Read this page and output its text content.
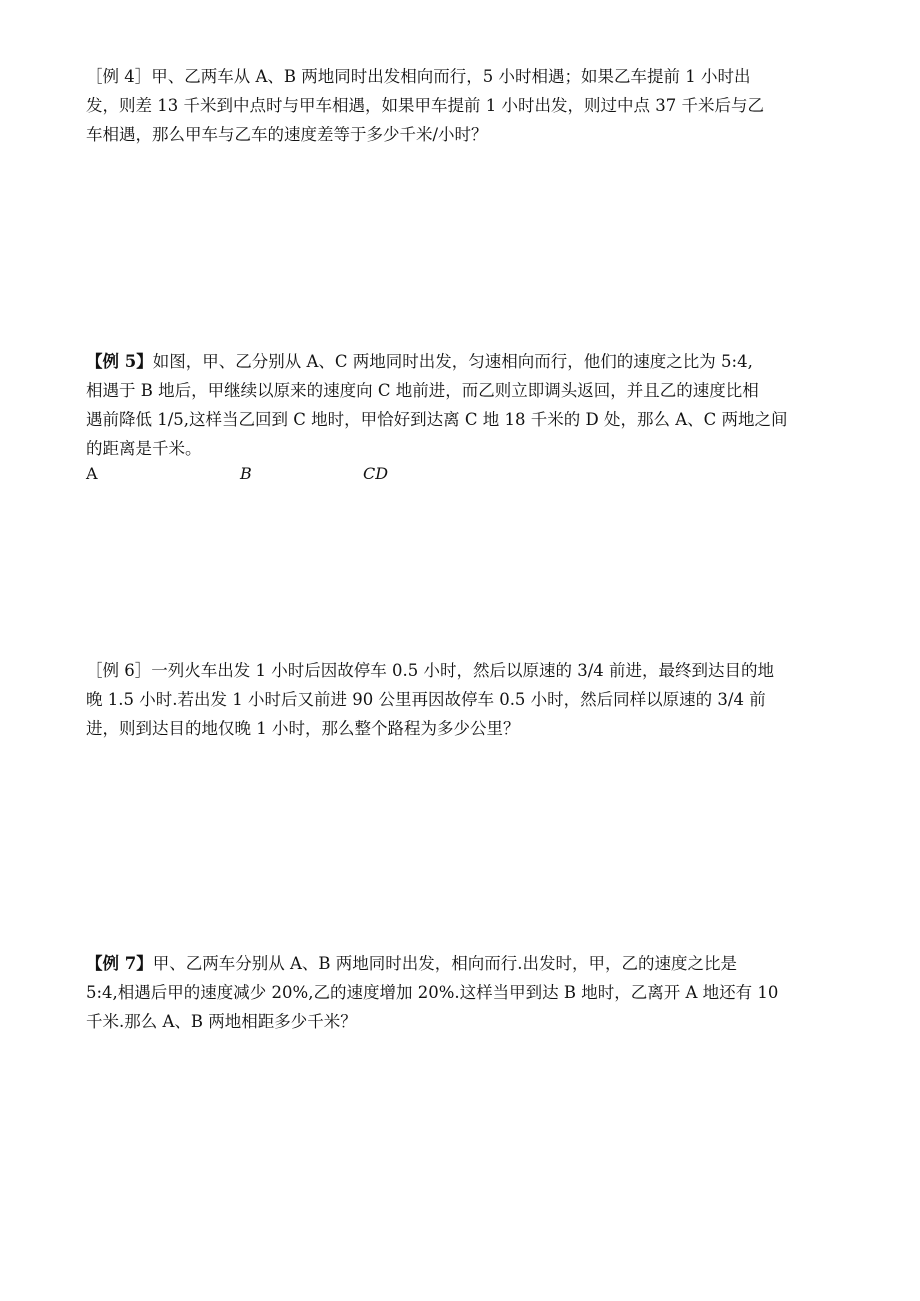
［例 4］甲、乙两车从 A、B 两地同时出发相向而行，5 小时相遇；如果乙车提前 1 小时出
发，则差 13 千米到中点时与甲车相遇，如果甲车提前 1 小时出发，则过中点 37 千米后与乙
车相遇，那么甲车与乙车的速度差等于多少千米/小时？
【例 5】如图，甲、乙分别从 A、C 两地同时出发，匀速相向而行，他们的速度之比为 5:4,
相遇于 B 地后，甲继续以原来的速度向 C 地前进，而乙则立即调头返回，并且乙的速度比相
遇前降低 1/5,这样当乙回到 C 地时，甲恰好到达离 C 地 18 千米的 D 处，那么 A、C 两地之间
的距离是千米。
A	B	CD
［例 6］一列火车出发 1 小时后因故停车 0.5 小时，然后以原速的 3/4 前进，最终到达目的地
晚 1.5 小时.若出发 1 小时后又前进 90 公里再因故停车 0.5 小时，然后同样以原速的 3/4 前
进，则到达目的地仅晚 1 小时，那么整个路程为多少公里？
【例 7】甲、乙两车分别从 A、B 两地同时出发，相向而行.出发时，甲，乙的速度之比是
5:4,相遇后甲的速度减少 20%,乙的速度增加 20%.这样当甲到达 B 地时，乙离开 A 地还有 10
千米.那么 A、B 两地相距多少千米？
